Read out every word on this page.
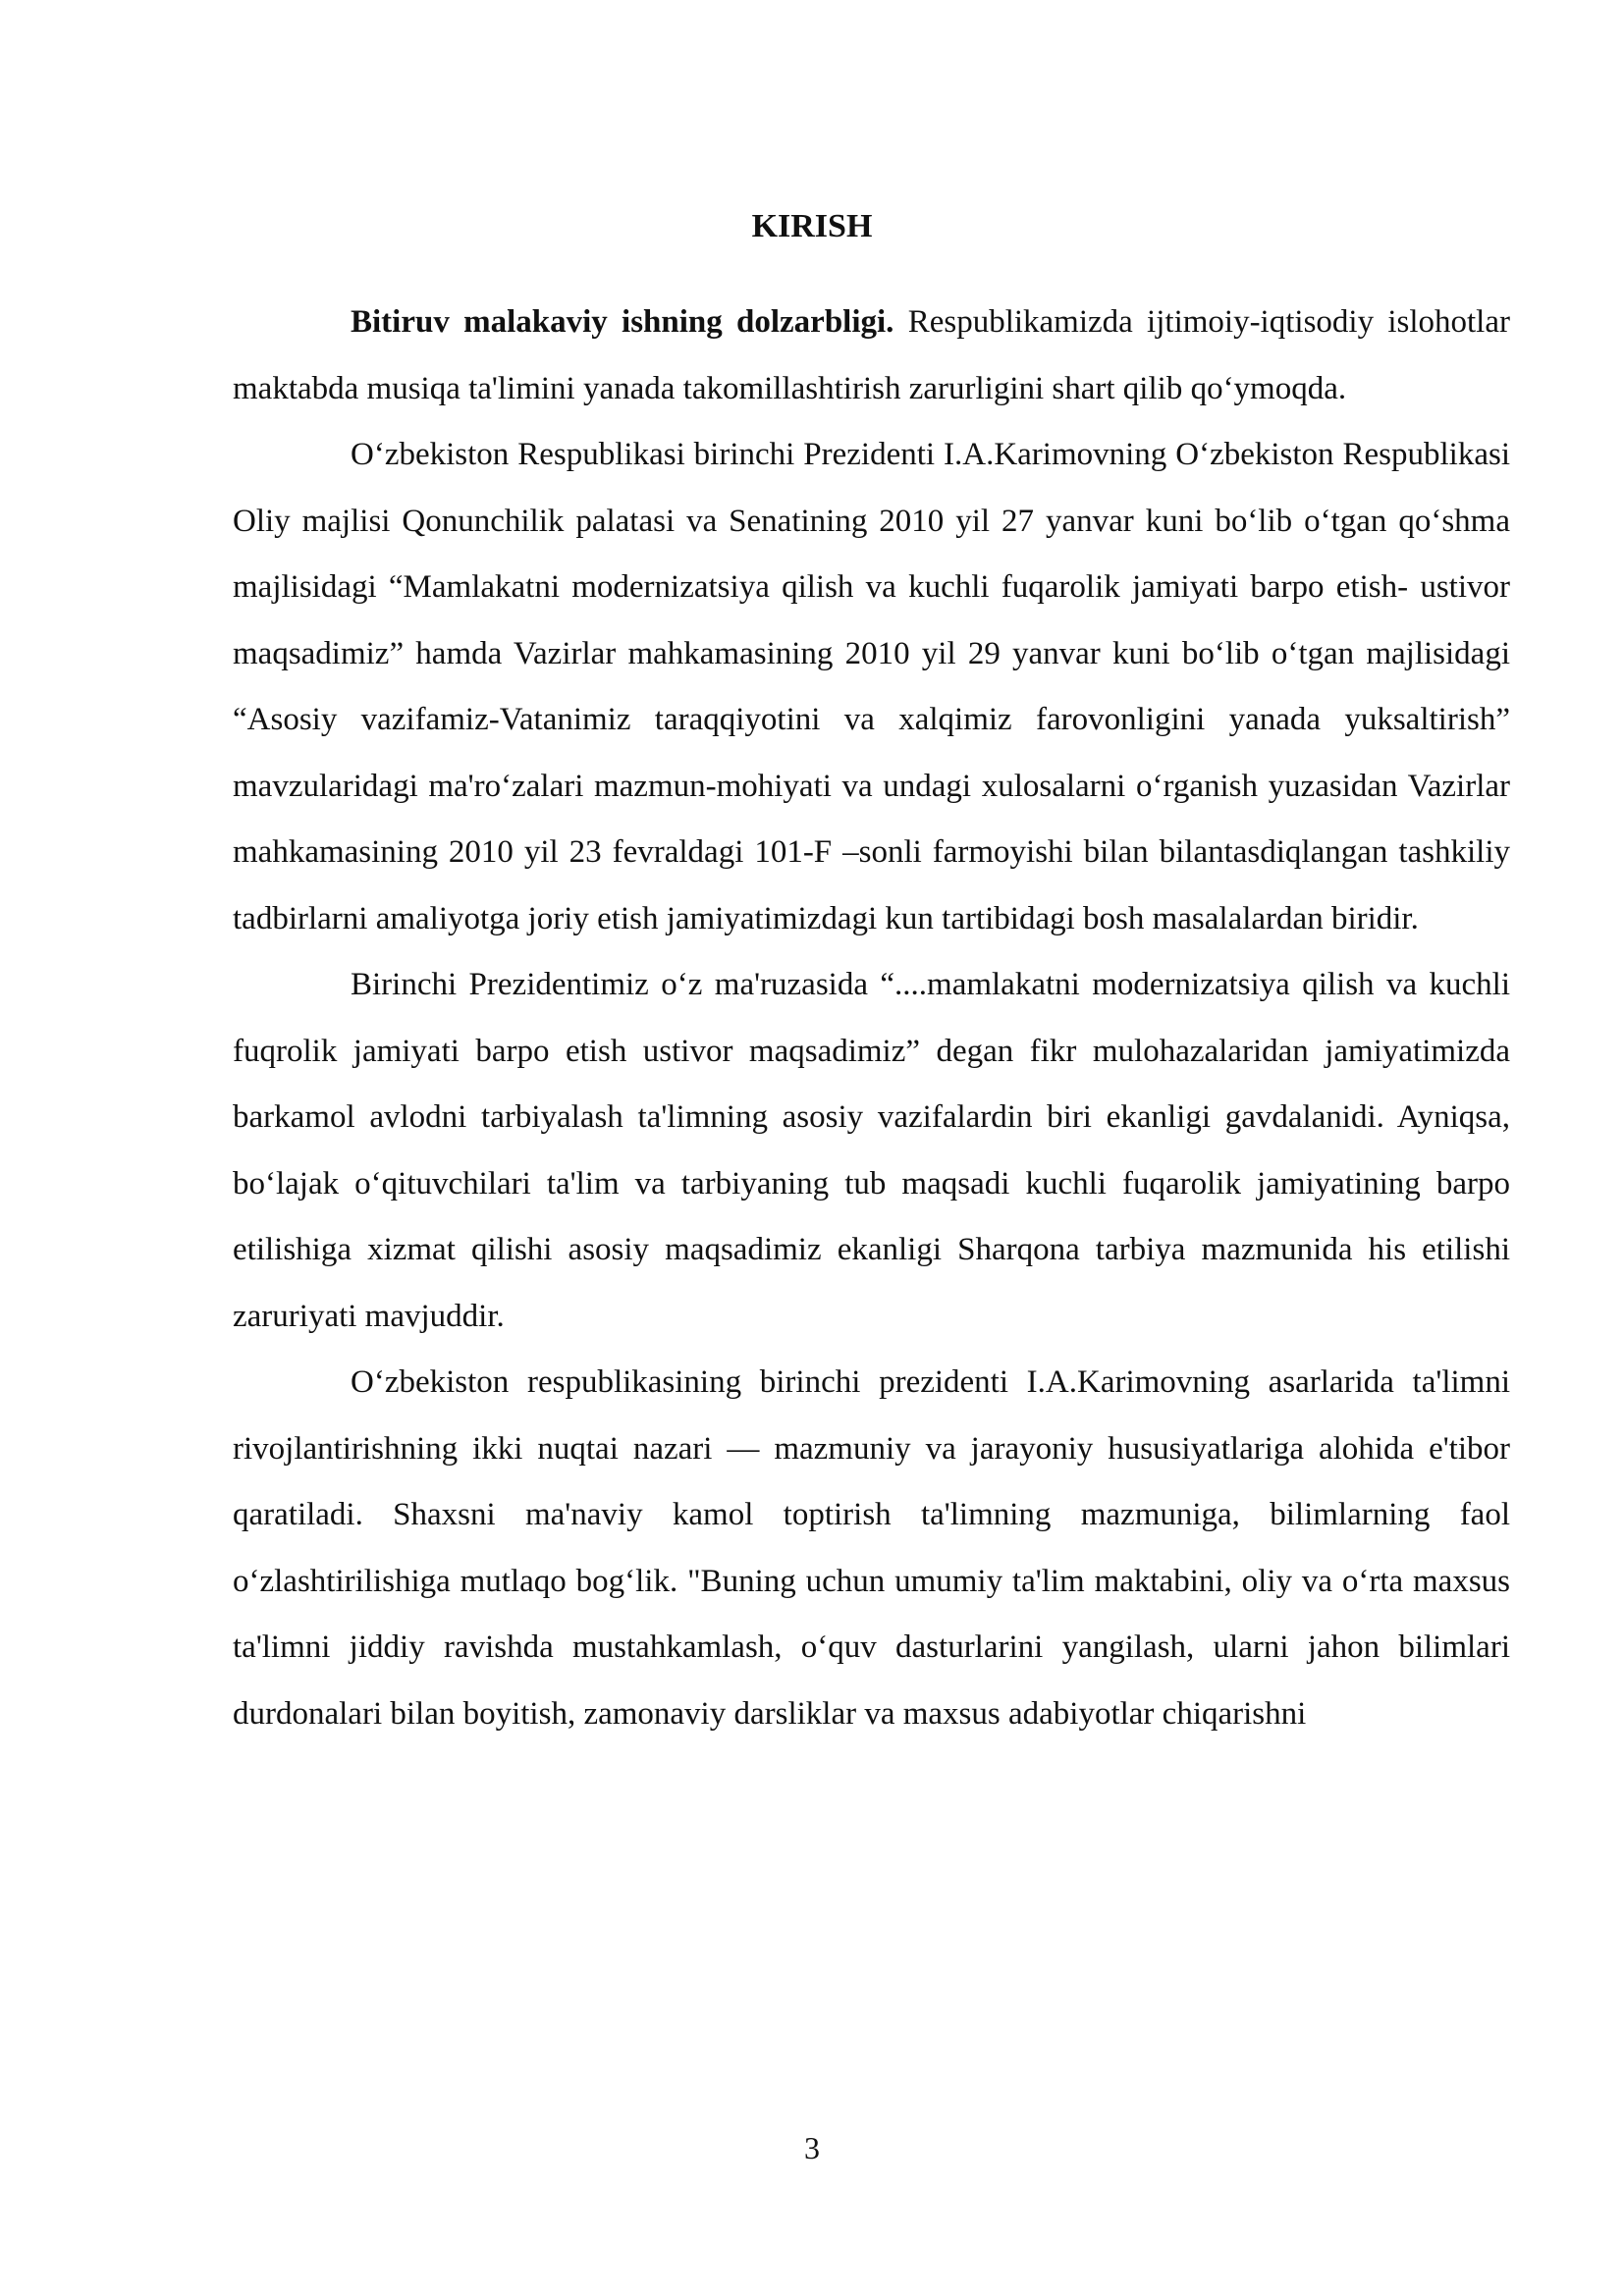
KIRISH

Bitiruv malakaviy ishning dolzarbligi. Respublikamizda ijtimoiy-iqtisodiy islohotlar maktabda musiqa ta'limini yanada takomillashtirish zarurligini shart qilib qo‘ymoqda.

O‘zbekiston Respublikasi birinchi Prezidenti I.A.Karimovning O‘zbekiston Respublikasi Oliy majlisi Qonunchilik palatasi va Senatining 2010 yil 27 yanvar kuni bo‘lib o‘tgan qo‘shma majlisidagi “Mamlakatni modernizatsiya qilish va kuchli fuqarolik jamiyati barpo etish- ustivor maqsadimiz” hamda Vazirlar mahkamasining 2010 yil 29 yanvar kuni bo‘lib o‘tgan majlisidagi “Asosiy vazifamiz-Vatanimiz taraqqiyotini va xalqimiz farovonligini yanada yuksaltirish” mavzularidagi ma'ro‘zalari mazmun-mohiyati va undagi xulosalarni o‘rganish yuzasidan Vazirlar mahkamasining 2010 yil 23 fevraldagi 101-F –sonli farmoyishi bilan bilantasdiqlangan tashkiliy tadbirlarni amaliyotga joriy etish jamiyatimizdagi kun tartibidagi bosh masalalardan biridir.

Birinchi Prezidentimiz o‘z ma'ruzasida “....mamlakatni modernizatsiya qilish va kuchli fuqrolik jamiyati barpo etish ustivor maqsadimiz” degan fikr mulohazalaridan jamiyatimizda barkamol avlodni tarbiyalash ta'limning asosiy vazifalardin biri ekanligi gavdalanidi. Ayniqsa, bo‘lajak o‘qituvchilari ta'lim va tarbiyaning tub maqsadi kuchli fuqarolik jamiyatining barpo etilishiga xizmat qilishi asosiy maqsadimiz ekanligi Sharqona tarbiya mazmunida his etilishi zaruriyati mavjuddir.

O‘zbekiston respublikasining birinchi prezidenti I.A.Karimovning asarlarida ta'limni rivojlantirishning ikki nuqtai nazari — mazmuniy va jarayoniy hususiyatlariga alohida e'tibor qaratiladi. Shaxsni ma'naviy kamol toptirish ta'limning mazmuniga, bilimlarning faol o‘zlashtirilishiga mutlaqo bog‘lik. "Buning uchun umumiy ta'lim maktabini, oliy va o‘rta maxsus ta'limni jiddiy ravishda mustahkamlash, o‘quv dasturlarini yangilash, ularni jahon bilimlari durdonalari bilan boyitish, zamonaviy darsliklar va maxsus adabiyotlar chiqarishni

3
